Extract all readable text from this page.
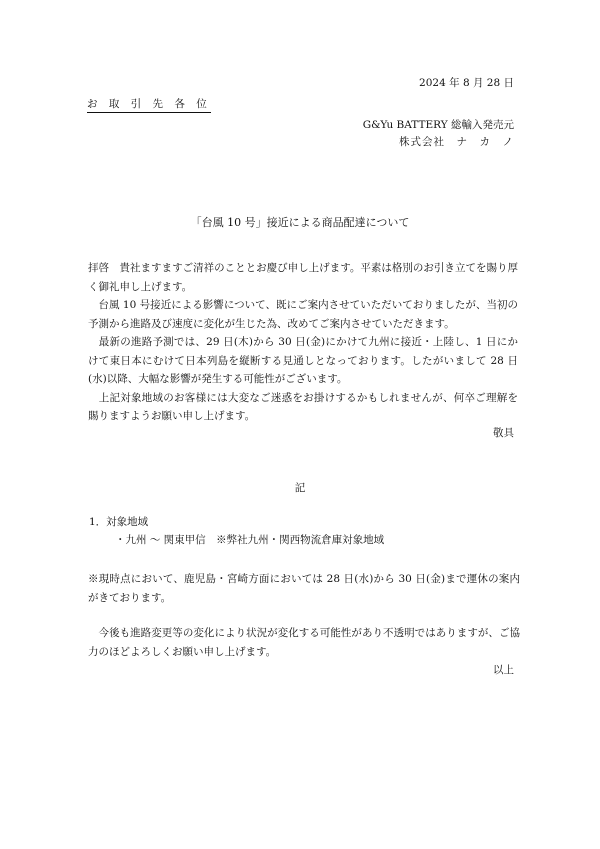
2024 年 8 月 28 日
お 取 引 先 各 位
G&Yu BATTERY 総輸入発売元
株式会社　ナ　カ　ノ
「台風 10 号」接近による商品配達について

拝啓　貴社ますますご清祥のこととお慶び申し上げます。平素は格別のお引き立てを賜り厚く御礼申し上げます。

　台風 10 号接近による影響について、既にご案内させていただいておりましたが、当初の予測から進路及び速度に変化が生じた為、改めてご案内させていただきます。

　最新の進路予測では、29 日(木)から 30 日(金)にかけて九州に接近・上陸し、1 日にかけて東日本にむけて日本列島を縦断する見通しとなっております。したがいまして 28 日(水)以降、大幅な影響が発生する可能性がございます。

　上記対象地域のお客様には大変なご迷惑をお掛けするかもしれませんが、何卒ご理解を賜りますようお願い申し上げます。

敬具
記
1．対象地域
・九州 ～ 関東甲信　※弊社九州・関西物流倉庫対象地域
※現時点において、鹿児島・宮崎方面においては 28 日(水)から 30 日(金)まで運休の案内がきております。
　今後も進路変更等の変化により状況が変化する可能性があり不透明ではありますが、ご協力のほどよろしくお願い申し上げます。
以上
